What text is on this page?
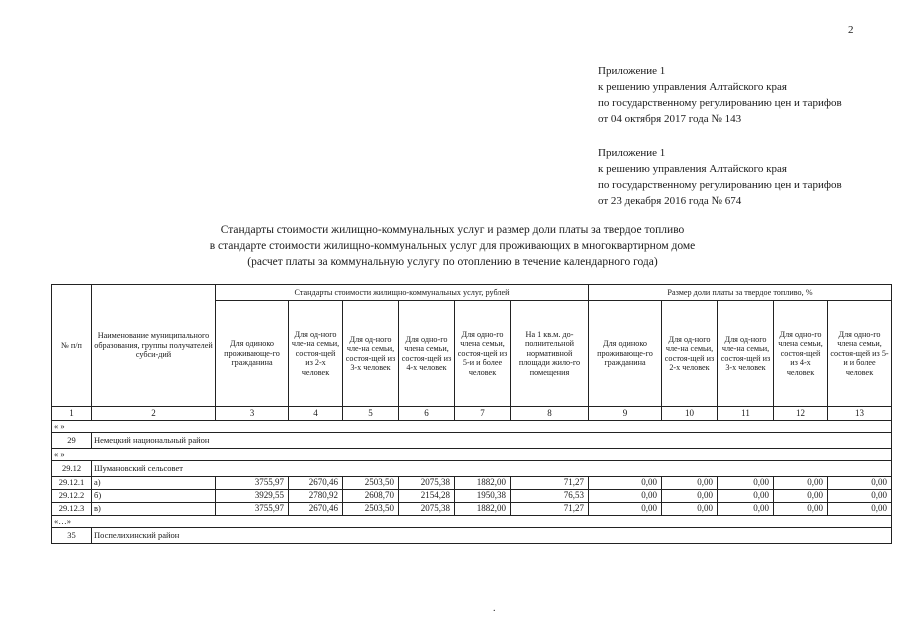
2
Приложение 1
к решению управления Алтайского края
по государственному регулированию цен и тарифов
от 04 октября 2017 года № 143
Приложение 1
к решению управления Алтайского края
по государственному регулированию цен и тарифов
от 23 декабря 2016 года № 674
Стандарты стоимости жилищно-коммунальных услуг и размер доли платы за твердое топливо
в стандарте стоимости жилищно-коммунальных услуг для проживающих в многоквартирном доме
(расчет платы за коммунальную услугу по отоплению в течение календарного года)
№ п/п	Наименование муниципального образования, группы получателей субси-дий	Стандарты стоимости жилищно-коммунальных услуг, рублей						Размер доли платы за твердое топливо, %				
		Для одиноко проживающе-го гражданина	Для од-ного чле-на семьи, состоя-щей из 2-х человек	Для од-ного чле-на семьи, состоя-щей из 3-х человек	Для одно-го члена семьи, состоя-щей из 4-х человек	Для одно-го члена семьи, состоя-щей из 5-и и более человек	На 1 кв.м. до-полнительной нормативной площади жило-го помещения	Для одиноко проживающе-го гражданина	Для од-ного чле-на семьи, состоя-щей из 2-х человек	Для од-ного чле-на семьи, состоя-щей из 3-х человек	Для одно-го члена семьи, состоя-щей из 4-х человек	Для одно-го члена семьи, состоя-щей из 5-и и более человек
1	2	3	4	5	6	7	8	9	10	11	12	13
« »												
29	Немецкий национальный район											
« »												
29.12	Шумановский сельсовет											
29.12.1	а)	3755,97	2670,46	2503,50	2075,38	1882,00	71,27	0,00	0,00	0,00	0,00	0,00
29.12.2	б)	3929,55	2780,92	2608,70	2154,28	1950,38	76,53	0,00	0,00	0,00	0,00	0,00
29.12.3	в)	3755,97	2670,46	2503,50	2075,38	1882,00	71,27	0,00	0,00	0,00	0,00	0,00
«…»												
35	Поспелихинский район											
.
